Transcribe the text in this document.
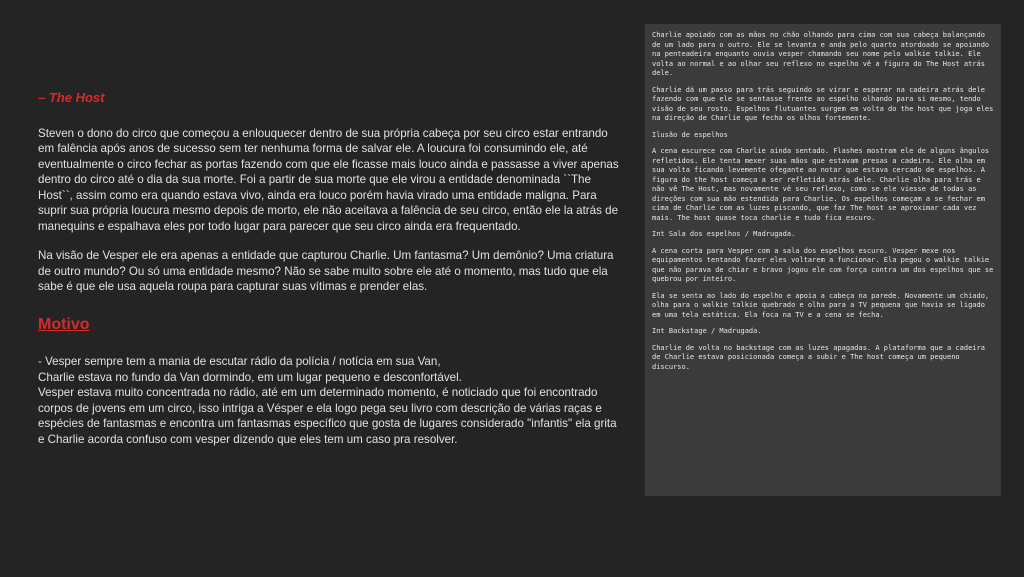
– The Host

Steven o dono do circo que começou a enlouquecer dentro de sua própria cabeça por seu circo estar entrando em falência após anos de sucesso sem ter nenhuma forma de salvar ele. A loucura foi consumindo ele, até eventualmente o circo fechar as portas fazendo com que ele ficasse mais louco ainda e passasse a viver apenas dentro do circo até o dia da sua morte. Foi a partir de sua morte que ele virou a entidade denominada ``The Host``, assim como era quando estava vivo, ainda era louco porém havia virado uma entidade maligna. Para suprir sua própria loucura mesmo depois de morto, ele não aceitava a falência de seu circo, então ele la atrás de manequins e espalhava eles por todo lugar para parecer que seu circo ainda era frequentado.

Na visão de Vesper ele era apenas a entidade que capturou Charlie. Um fantasma? Um demônio? Uma criatura de outro mundo? Ou só uma entidade mesmo? Não se sabe muito sobre ele até o momento, mas tudo que ela sabe é que ele usa aquela roupa para capturar suas vítimas e prender elas.

Motivo

- Vesper sempre tem a mania de escutar rádio da polícia / notícia em sua Van,
Charlie estava no fundo da Van dormindo, em um lugar pequeno e desconfortável.
Vesper estava muito concentrada no rádio, até em um determinado momento, é noticiado que foi encontrado corpos de jovens em um circo, isso intriga a Vésper e ela logo pega seu livro com descrição de várias raças e espécies de fantasmas e encontra um fantasmas específico que gosta de lugares considerado "infantis" ela grita e Charlie acorda confuso com vesper dizendo que eles tem um caso pra resolver.

Charlie apoiado com as mãos no chão olhando para cima com sua cabeça balançando de um lado para o outro. Ele se levanta e anda pelo quarto atordoado se apoiando na penteadeira enquanto ouvia vesper chamando seu nome pelo walkie talkie. Ele volta ao normal e ao olhar seu reflexo no espelho vê a figura do The Host atrás dele.

Charlie dá um passo para trás seguindo se virar e esperar na cadeira atrás dele fazendo com que ele se sentasse frente ao espelho olhando para si mesmo, tendo visão de seu rosto. Espelhos flutuantes surgem em volta do the host que joga eles na direção de Charlie que fecha os olhos fortemente.

Ilusão de espelhos

A cena escurece com Charlie ainda sentado. Flashes mostram ele de alguns ângulos refletidos. Ele tenta mexer suas mãos que estavam presas a cadeira. Ele olha em sua volta ficando levemente ofegante ao notar que estava cercado de espelhos. A figura do the host começa a ser refletida atrás dele. Charlie olha para trás e não vê The Host, mas novamente vê seu reflexo, como se ele viesse de todas as direções com sua mão estendida para Charlie. Os espelhos começam a se fechar em cima de Charlie com as luzes piscando, que faz The host se aproximar cada vez mais. The host quase toca charlie e tudo fica escuro.

Int Sala dos espelhos / Madrugada.

A cena corta para Vesper com a sala dos espelhos escuro. Vesper mexe nos equipamentos tentando fazer eles voltarem a funcionar. Ela pegou o walkie talkie que não parava de chiar e bravo jogou ele com força contra um dos espelhos que se quebrou por inteiro.

Ela se senta ao lado do espelho e apoia a cabeça na parede. Novamente um chiado, olha para o walkie talkie quebrado e olha para a TV pequena que havia se ligado em uma tela estática. Ela foca na TV e a cena se fecha.

Int Backstage / Madrugada.

Charlie de volta no backstage com as luzes apagadas. A plataforma que a cadeira de Charlie estava posicionada começa a subir e The host começa um pequeno discurso.
